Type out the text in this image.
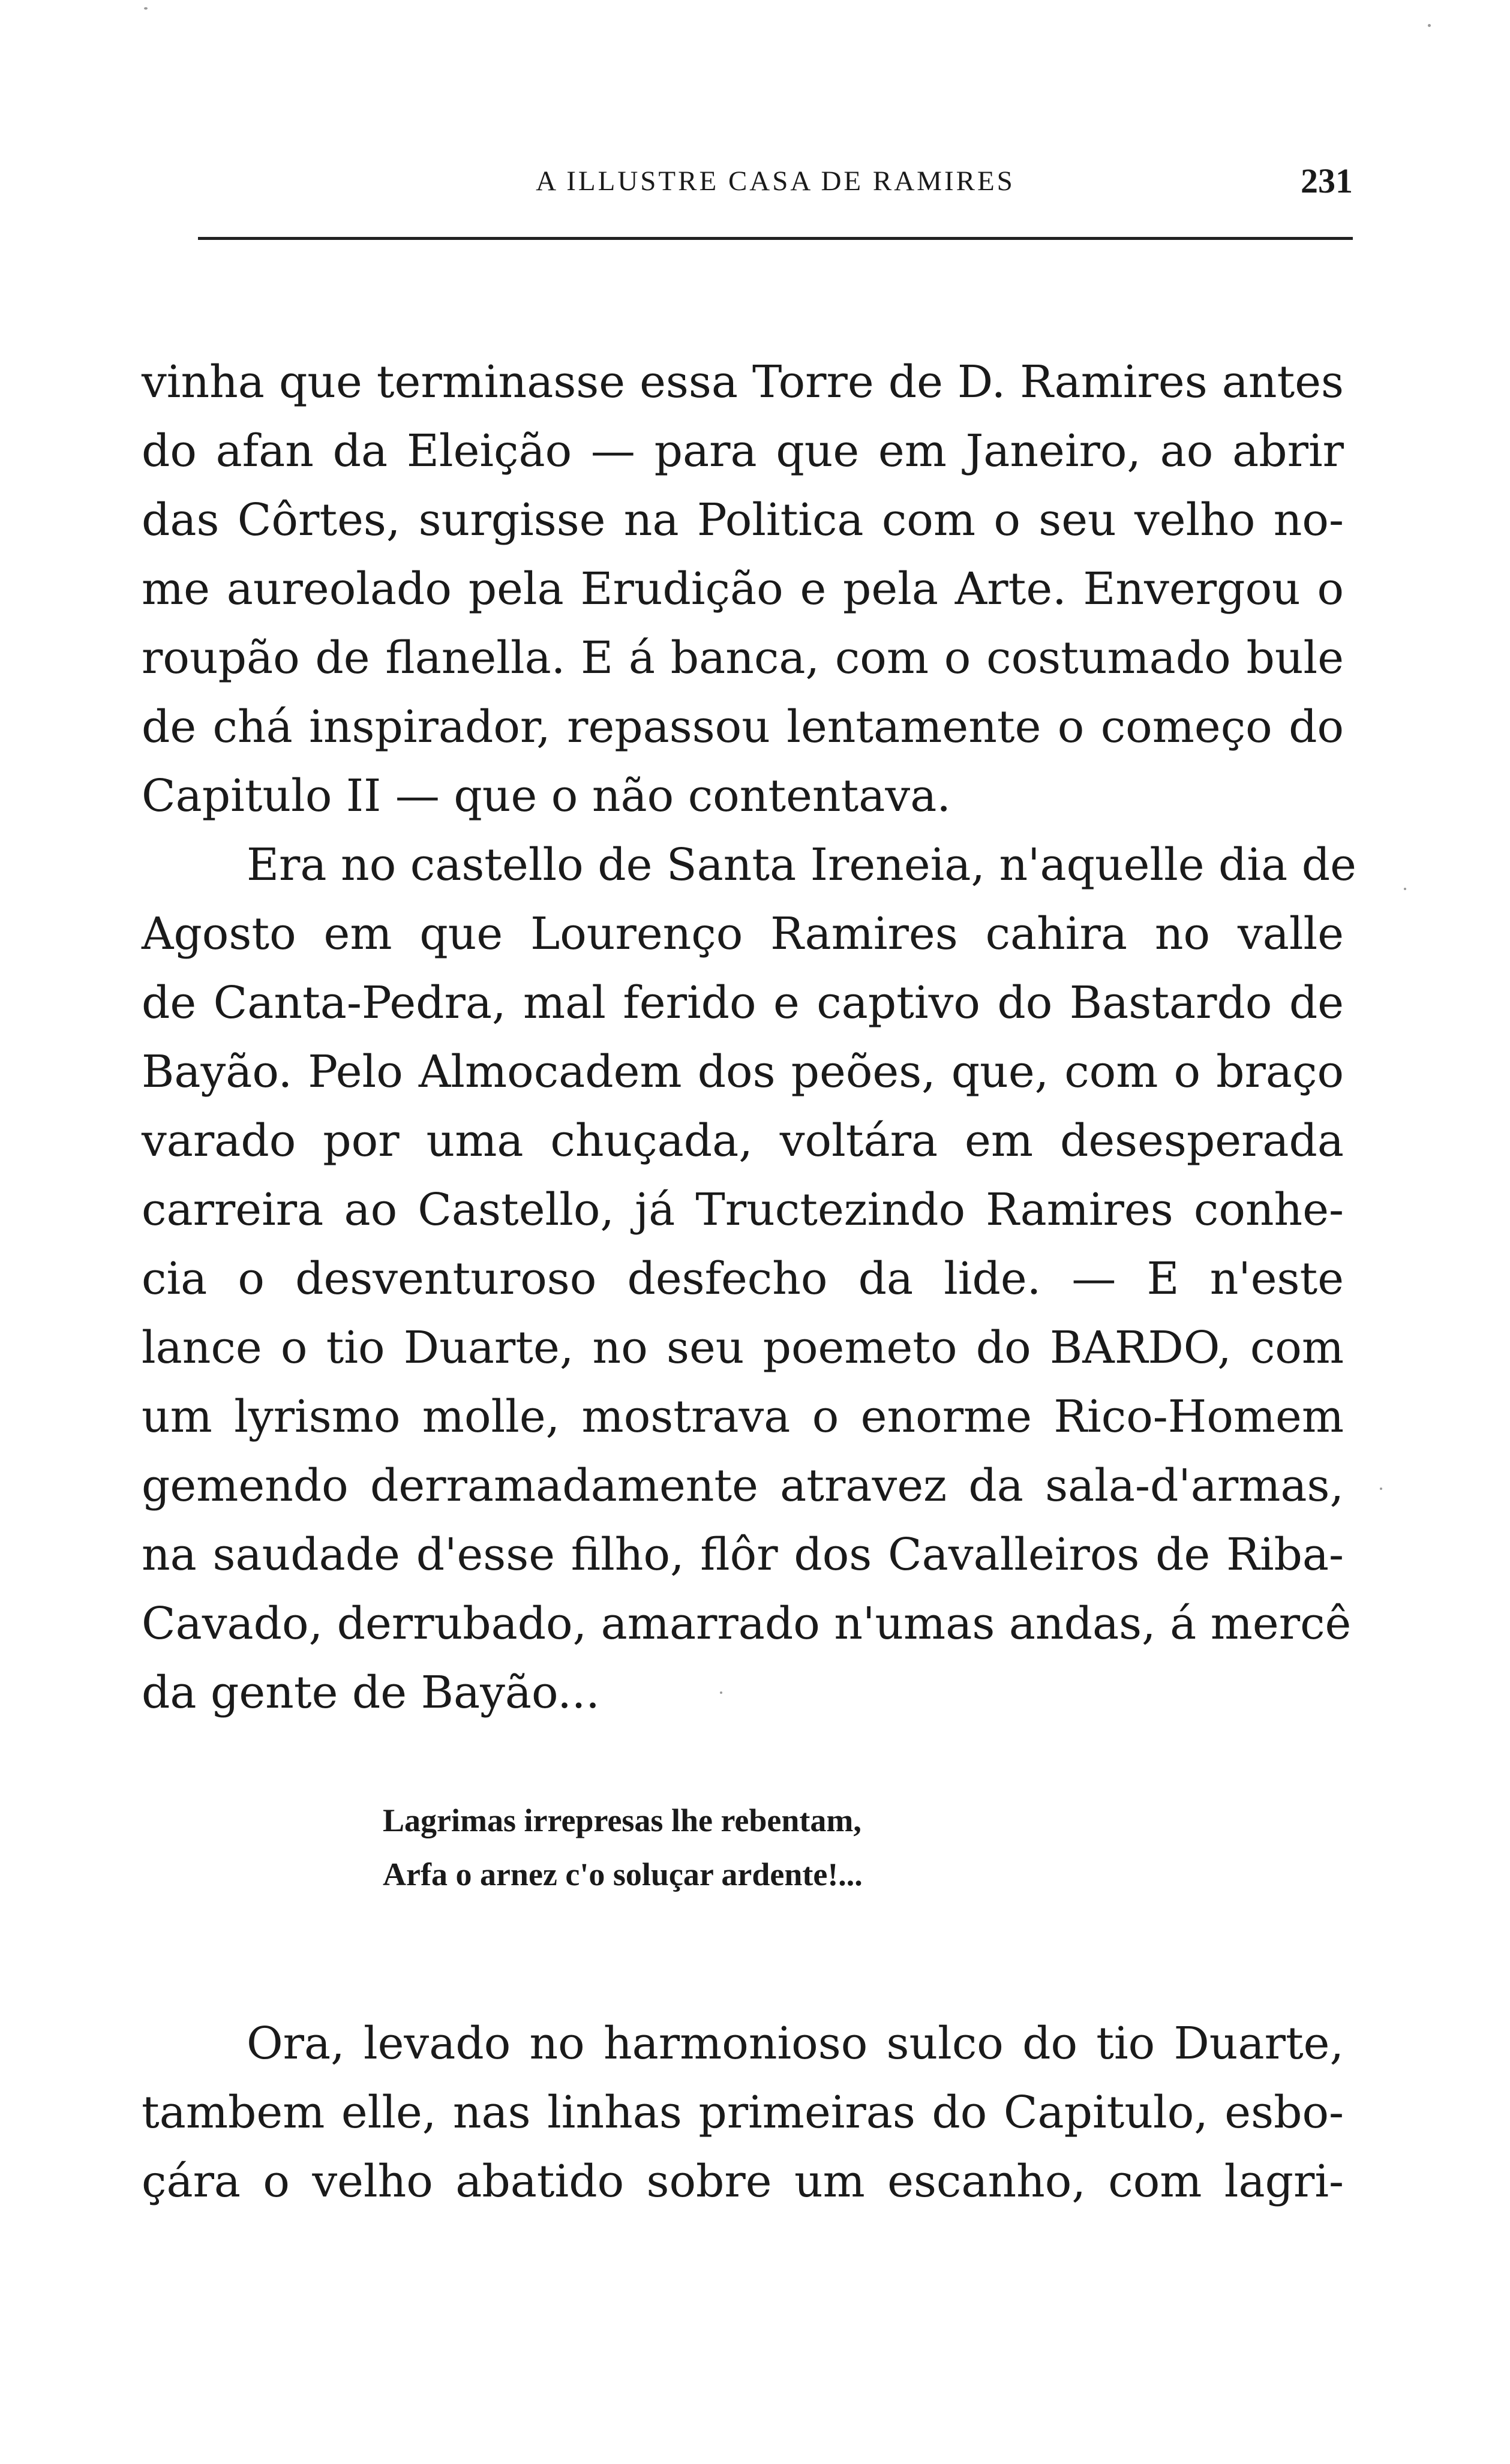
A ILLUSTRE CASA DE RAMIRES	231
vinha que terminasse essa Torre de D. Ramires antes
do afan da Eleição — para que em Janeiro, ao abrir
das Côrtes, surgisse na Politica com o seu velho no-
me aureolado pela Erudição e pela Arte. Envergou o
roupão de flanella. E á banca, com o costumado bule
de chá inspirador, repassou lentamente o começo do
Capitulo II — que o não contentava.
Era no castello de Santa Ireneia, n'aquelle dia de
Agosto em que Lourenço Ramires cahira no valle
de Canta-Pedra, mal ferido e captivo do Bastardo de
Bayão. Pelo Almocadem dos peões, que, com o braço
varado por uma chuçada, voltára em desesperada
carreira ao Castello, já Tructezindo Ramires conhe-
cia o desventuroso desfecho da lide. — E n'este
lance o tio Duarte, no seu poemeto do BARDO, com
um lyrismo molle, mostrava o enorme Rico-Homem
gemendo derramadamente atravez da sala-d'armas,
na saudade d'esse filho, flôr dos Cavalleiros de Riba-
Cavado, derrubado, amarrado n'umas andas, á mercê
da gente de Bayão...
Lagrimas irrepresas lhe rebentam,
Arfa o arnez c'o soluçar ardente!...
Ora, levado no harmonioso sulco do tio Duarte,
tambem elle, nas linhas primeiras do Capitulo, esbo-
çára o velho abatido sobre um escanho, com lagri-
